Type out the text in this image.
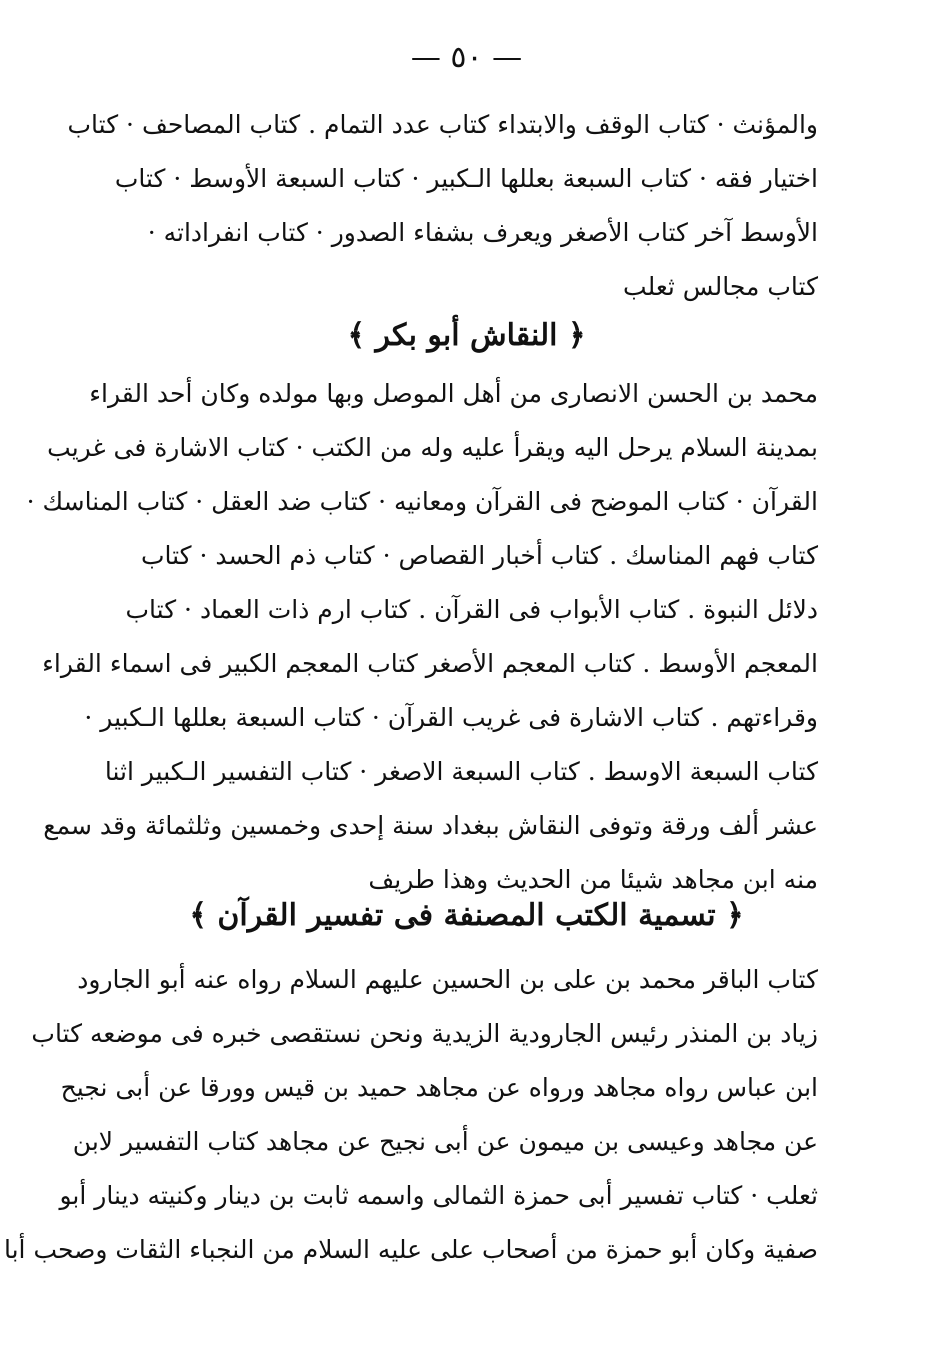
— ٥٠ —
والمؤنث · كتاب الوقف والابتداء كتاب عدد التمام . كتاب المصاحف · كتاب
اختيار فقه · كتاب السبعة بعللها الـكبير · كتاب السبعة الأوسط · كتاب
الأوسط آخر كتاب الأصغر ويعرف بشفاء الصدور · كتاب انفراداته ·
كتاب مجالس ثعلب
﴿ النقاش أبو بكر ﴾
محمد بن الحسن الانصارى من أهل الموصل وبها مولده وكان أحد القراء
بمدينة السلام يرحل اليه ويقرأ عليه وله من الكتب · كتاب الاشارة فى غريب
القرآن · كتاب الموضح فى القرآن ومعانيه · كتاب ضد العقل · كتاب المناسك ·
كتاب فهم المناسك . كتاب أخبار القصاص · كتاب ذم الحسد · كتاب
دلائل النبوة . كتاب الأبواب فى القرآن . كتاب ارم ذات العماد · كتاب
المعجم الأوسط . كتاب المعجم الأصغر كتاب المعجم الكبير فى اسماء القراء
وقراءتهم . كتاب الاشارة فى غريب القرآن · كتاب السبعة بعللها الـكبير ·
كتاب السبعة الاوسط . كتاب السبعة الاصغر · كتاب التفسير الـكبير اثنا
عشر ألف ورقة وتوفى النقاش ببغداد سنة إحدى وخمسين وثلثمائة وقد سمع
منه ابن مجاهد شيئا من الحديث وهذا طريف
﴿ تسمية الكتب المصنفة فى تفسير القرآن ﴾
كتاب الباقر محمد بن على بن الحسين عليهم السلام رواه عنه أبو الجارود
زياد بن المنذر رئيس الجارودية الزيدية ونحن نستقصى خبره فى موضعه كتاب
ابن عباس رواه مجاهد ورواه عن مجاهد حميد بن قيس وورقا عن أبى نجيح
عن مجاهد وعيسى بن ميمون عن أبى نجيح عن مجاهد كتاب التفسير لابن
ثعلب · كتاب تفسير أبى حمزة الثمالى واسمه ثابت بن دينار وكنيته دينار أبو
صفية وكان أبو حمزة من أصحاب على عليه السلام من النجباء الثقات وصحب أبا
